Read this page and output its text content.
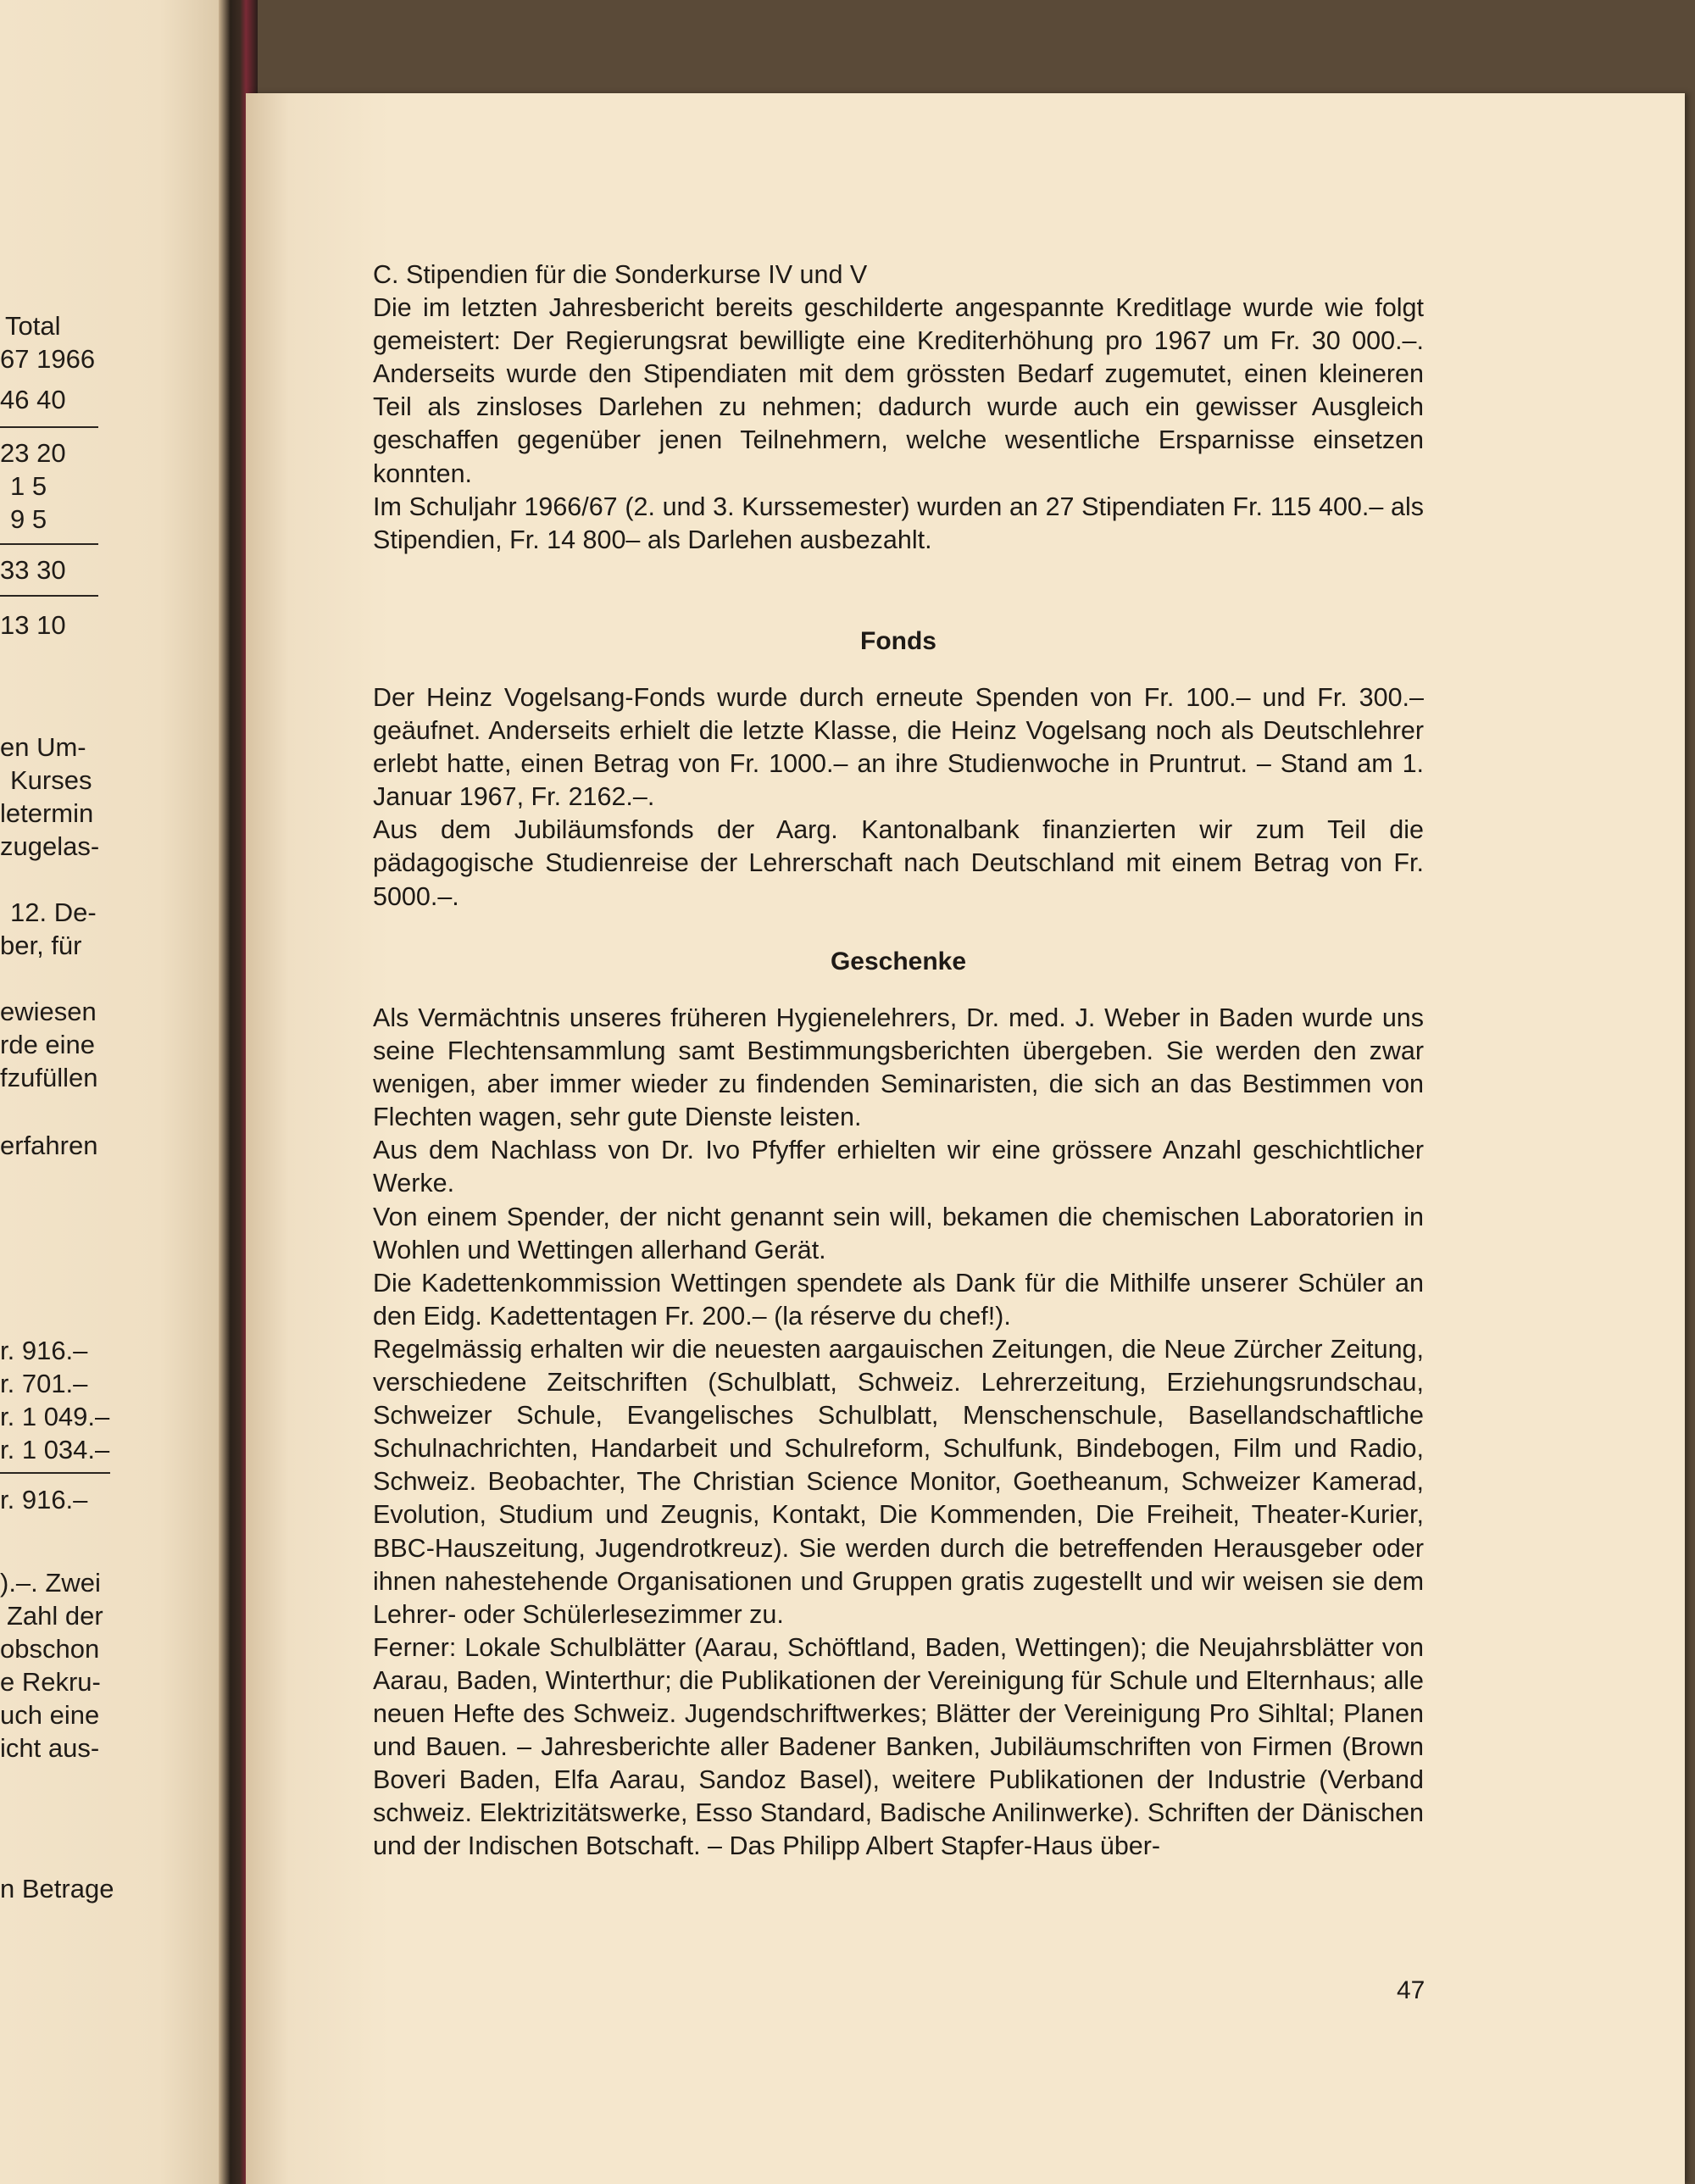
Total
67 1966
46 40
23 20
1 5
9 5
33 30
13 10
en Um-
Kurses
letermin
zugelas-
12. De-
ber, für
ewiesen
rde eine
fzufüllen
erfahren
r. 916.–
r. 701.–
r. 1 049.–
r. 1 034.–
r. 916.–
).–. Zwei
Zahl der
obschon
e Rekru-
uch eine
icht aus-
n Betrage

C. Stipendien für die Sonderkurse IV und V

Die im letzten Jahresbericht bereits geschilderte angespannte Kreditlage wurde wie folgt gemeistert: Der Regierungsrat bewilligte eine Krediterhöhung pro 1967 um Fr. 30 000.–. Anderseits wurde den Stipendiaten mit dem grössten Bedarf zugemutet, einen kleineren Teil als zinsloses Darlehen zu nehmen; dadurch wurde auch ein gewisser Ausgleich geschaffen gegenüber jenen Teilnehmern, welche wesentliche Ersparnisse einsetzen konnten.

Im Schuljahr 1966/67 (2. und 3. Kurssemester) wurden an 27 Stipendiaten Fr. 115 400.– als Stipendien, Fr. 14 800– als Darlehen ausbezahlt.

Fonds

Der Heinz Vogelsang-Fonds wurde durch erneute Spenden von Fr. 100.– und Fr. 300.– geäufnet. Anderseits erhielt die letzte Klasse, die Heinz Vogelsang noch als Deutschlehrer erlebt hatte, einen Betrag von Fr. 1000.– an ihre Studienwoche in Pruntrut. – Stand am 1. Januar 1967, Fr. 2162.–.

Aus dem Jubiläumsfonds der Aarg. Kantonalbank finanzierten wir zum Teil die pädagogische Studienreise der Lehrerschaft nach Deutschland mit einem Betrag von Fr. 5000.–.

Geschenke

Als Vermächtnis unseres früheren Hygienelehrers, Dr. med. J. Weber in Baden wurde uns seine Flechtensammlung samt Bestimmungsberichten übergeben. Sie werden den zwar wenigen, aber immer wieder zu findenden Seminaristen, die sich an das Bestimmen von Flechten wagen, sehr gute Dienste leisten.

Aus dem Nachlass von Dr. Ivo Pfyffer erhielten wir eine grössere Anzahl geschichtlicher Werke.

Von einem Spender, der nicht genannt sein will, bekamen die chemischen Laboratorien in Wohlen und Wettingen allerhand Gerät.

Die Kadettenkommission Wettingen spendete als Dank für die Mithilfe unserer Schüler an den Eidg. Kadettentagen Fr. 200.– (la réserve du chef!).

Regelmässig erhalten wir die neuesten aargauischen Zeitungen, die Neue Zürcher Zeitung, verschiedene Zeitschriften (Schulblatt, Schweiz. Lehrerzeitung, Erziehungsrundschau, Schweizer Schule, Evangelisches Schulblatt, Menschenschule, Basellandschaftliche Schulnachrichten, Handarbeit und Schulreform, Schulfunk, Bindebogen, Film und Radio, Schweiz. Beobachter, The Christian Science Monitor, Goetheanum, Schweizer Kamerad, Evolution, Studium und Zeugnis, Kontakt, Die Kommenden, Die Freiheit, Theater-Kurier, BBC-Hauszeitung, Jugendrotkreuz). Sie werden durch die betreffenden Herausgeber oder ihnen nahestehende Organisationen und Gruppen gratis zugestellt und wir weisen sie dem Lehrer- oder Schülerlesezimmer zu.

Ferner: Lokale Schulblätter (Aarau, Schöftland, Baden, Wettingen); die Neujahrsblätter von Aarau, Baden, Winterthur; die Publikationen der Vereinigung für Schule und Elternhaus; alle neuen Hefte des Schweiz. Jugendschriftwerkes; Blätter der Vereinigung Pro Sihltal; Planen und Bauen. – Jahresberichte aller Badener Banken, Jubiläumschriften von Firmen (Brown Boveri Baden, Elfa Aarau, Sandoz Basel), weitere Publikationen der Industrie (Verband schweiz. Elektrizitätswerke, Esso Standard, Badische Anilinwerke). Schriften der Dänischen und der Indischen Botschaft. – Das Philipp Albert Stapfer-Haus über-

47
